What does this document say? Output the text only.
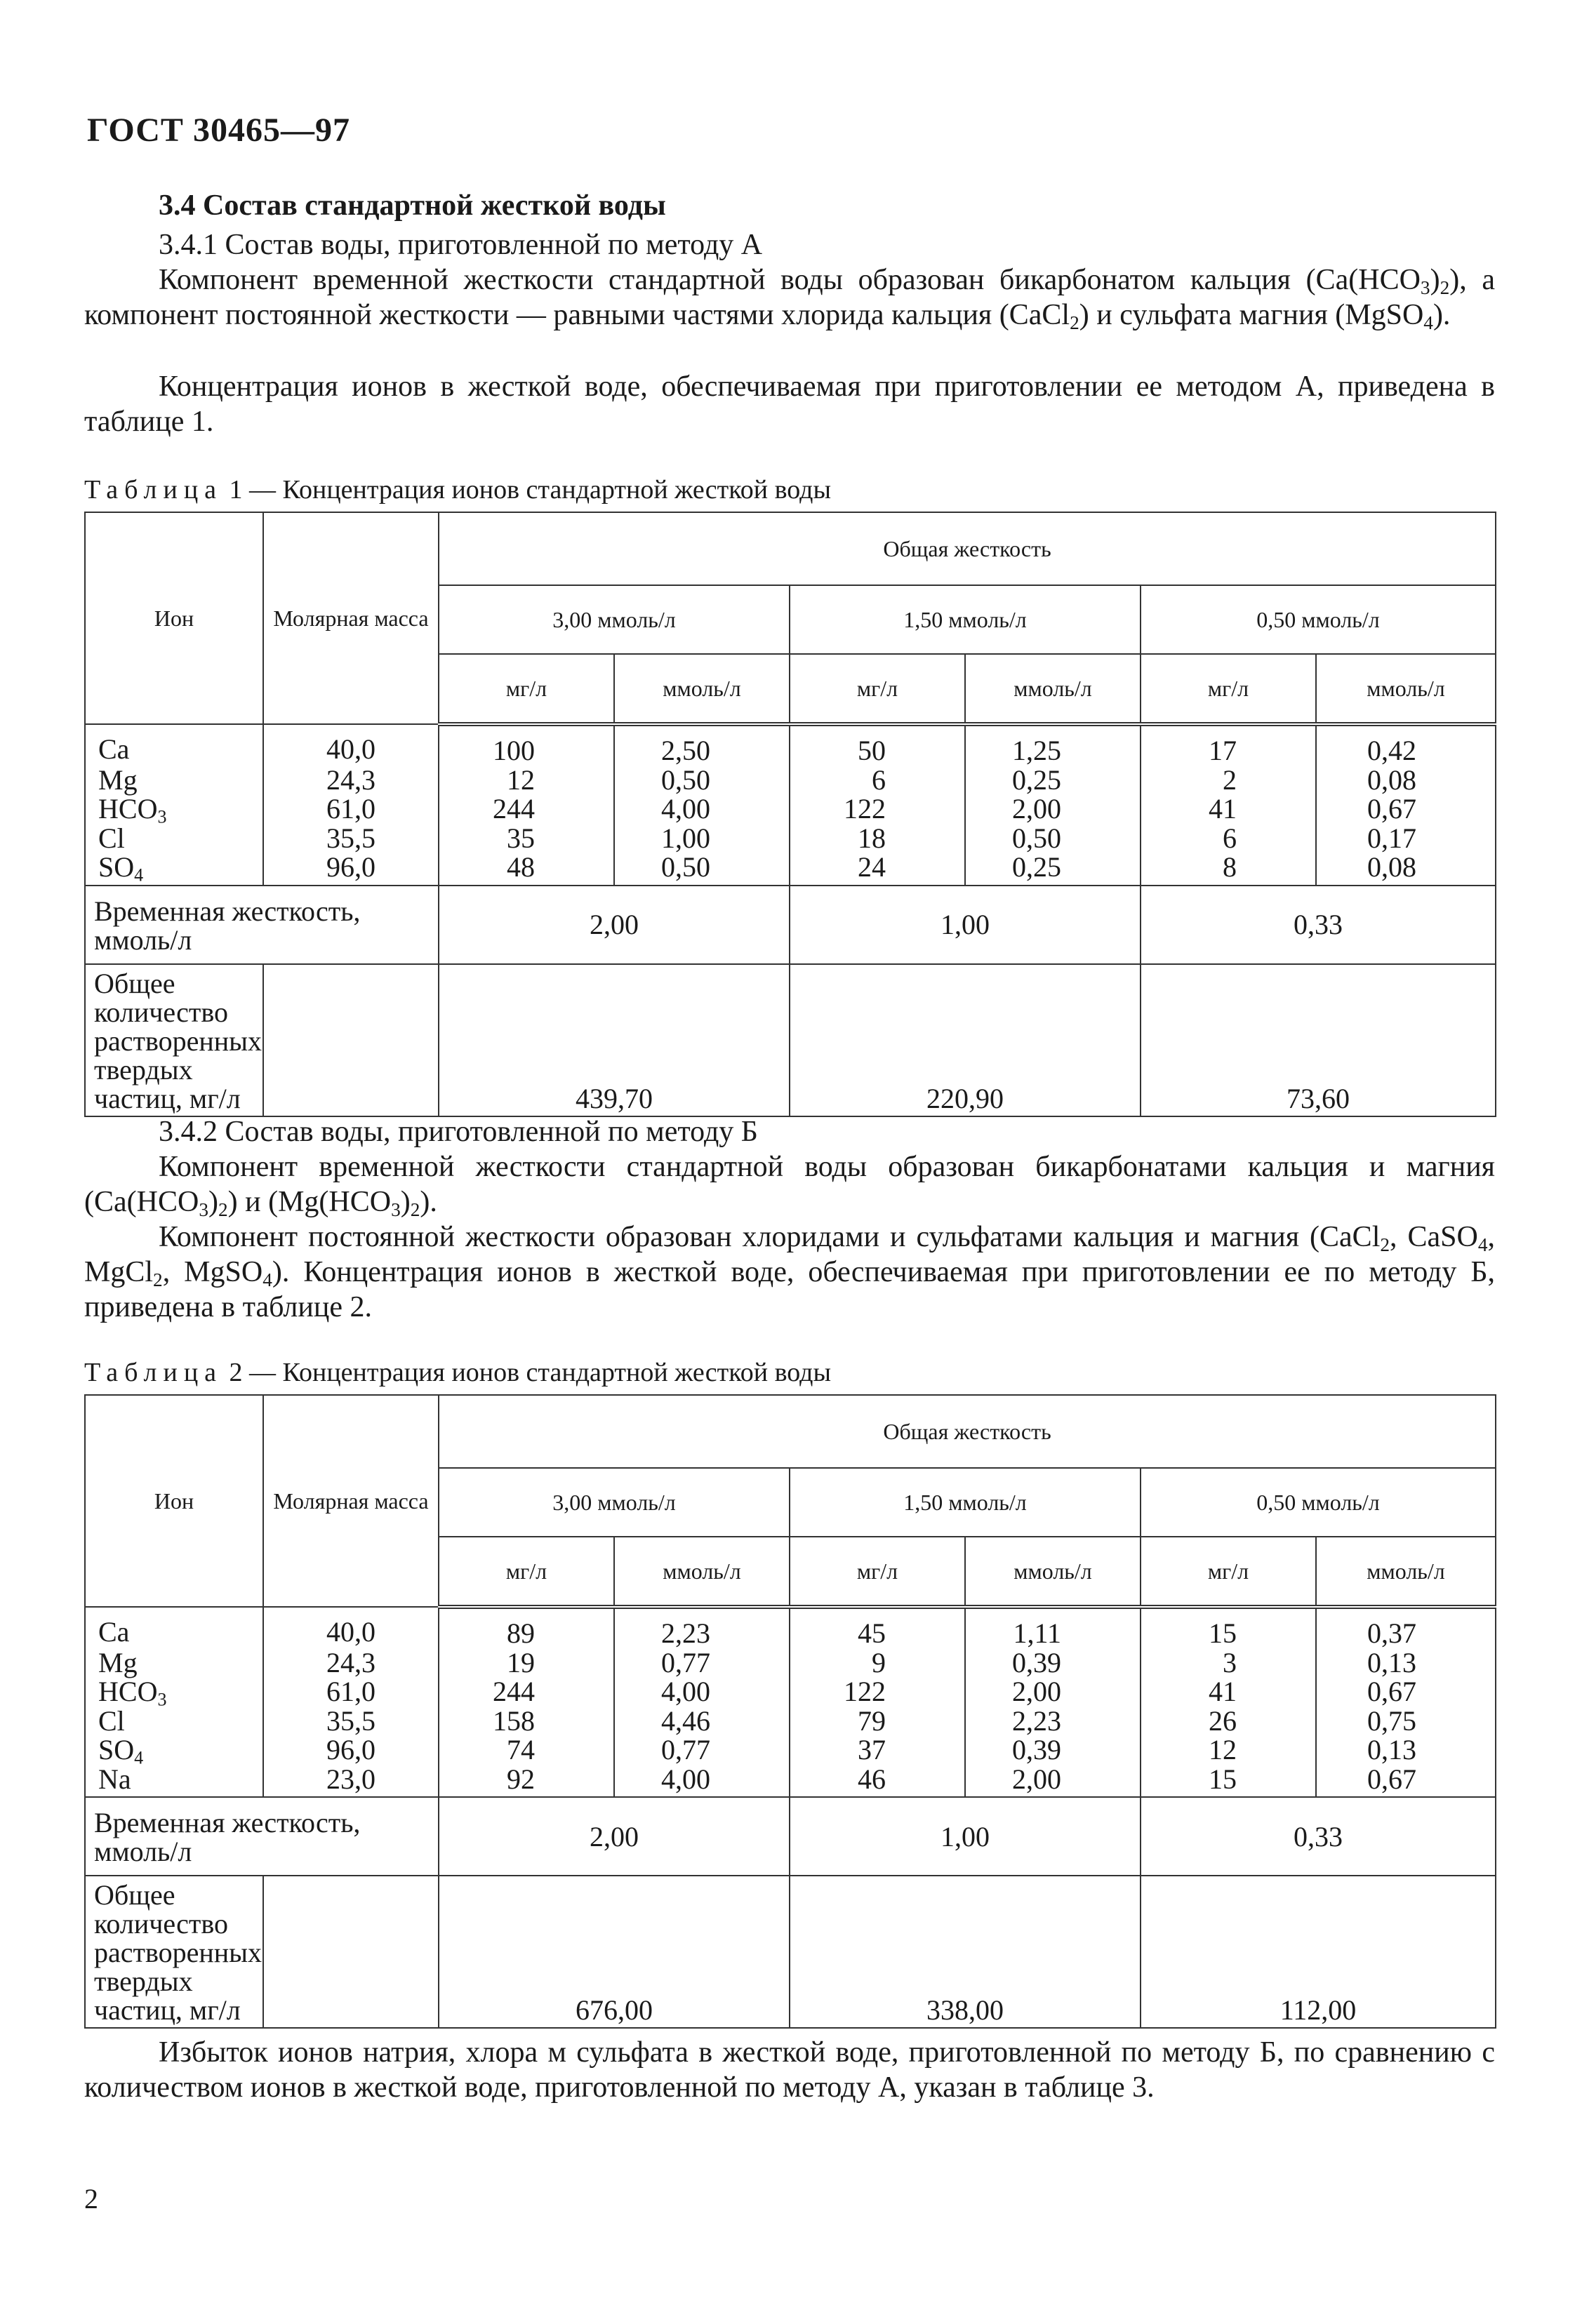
ГОСТ 30465—97
3.4 Состав стандартной жесткой воды
3.4.1 Состав воды, приготовленной по методу А
Компонент временной жесткости стандартной воды образован бикарбонатом кальция $(Ca(HCO_3)_2)$, а компонент постоянной жесткости — равными частями хлорида кальция (CaCl$_2$) и сульфата магния (MgSO$_4$).
Концентрация ионов в жесткой воде, обеспечиваемая при приготовлении ее методом А, приведена в таблице 1.
Таблица 1 — Концентрация ионов стандартной жесткой воды
Ион	Молярная масса	Общая жесткость					
		3,00 ммоль/л		1,50 ммоль/л		0,50 ммоль/л	
		мг/л	ммоль/л	мг/л	ммоль/л	мг/л	ммоль/л
Ca	40,0	100	2,50	50	1,25	17	0,42
Mg	24,3	12	0,50	6	0,25	2	0,08
$HCO_3$	61,0	244	4,00	122	2,00	41	0,67
Cl	35,5	35	1,00	18	0,50	6	0,17
$SO_4$	96,0	48	0,50	24	0,25	8	0,08
Временная жесткость, ммоль/л		2,00		1,00		0,33	
Общее количество растворенных твердых частиц, мг/л		439,70		220,90		73,60	
3.4.2 Состав воды, приготовленной по методу Б
Компонент временной жесткости стандартной воды образован бикарбонатами кальция и магния $(Ca(HCO_3)_2)$ и $(Mg(HCO_3)_2)$.
Компонент постоянной жесткости образован хлоридами и сульфатами кальция и магния (CaCl$_2$, CaSO$_4$, MgCl$_2$, MgSO$_4$). Концентрация ионов в жесткой воде, обеспечиваемая при приготовлении ее по методу Б, приведена в таблице 2.
Таблица 2 — Концентрация ионов стандартной жесткой воды
Ион	Молярная масса	Общая жесткость					
		3,00 ммоль/л		1,50 ммоль/л		0,50 ммоль/л	
		мг/л	ммоль/л	мг/л	ммоль/л	мг/л	ммоль/л
Ca	40,0	89	2,23	45	1,11	15	0,37
Mg	24,3	19	0,77	9	0,39	3	0,13
$HCO_3$	61,0	244	4,00	122	2,00	41	0,67
Cl	35,5	158	4,46	79	2,23	26	0,75
$SO_4$	96,0	74	0,77	37	0,39	12	0,13
Na	23,0	92	4,00	46	2,00	15	0,67
Временная жесткость, ммоль/л		2,00		1,00		0,33	
Общее количество растворенных твердых частиц, мг/л		676,00		338,00		112,00	
Избыток ионов натрия, хлора м сульфата в жесткой воде, приготовленной по методу Б, по сравнению с количеством ионов в жесткой воде, приготовленной по методу А, указан в таблице 3.
2
